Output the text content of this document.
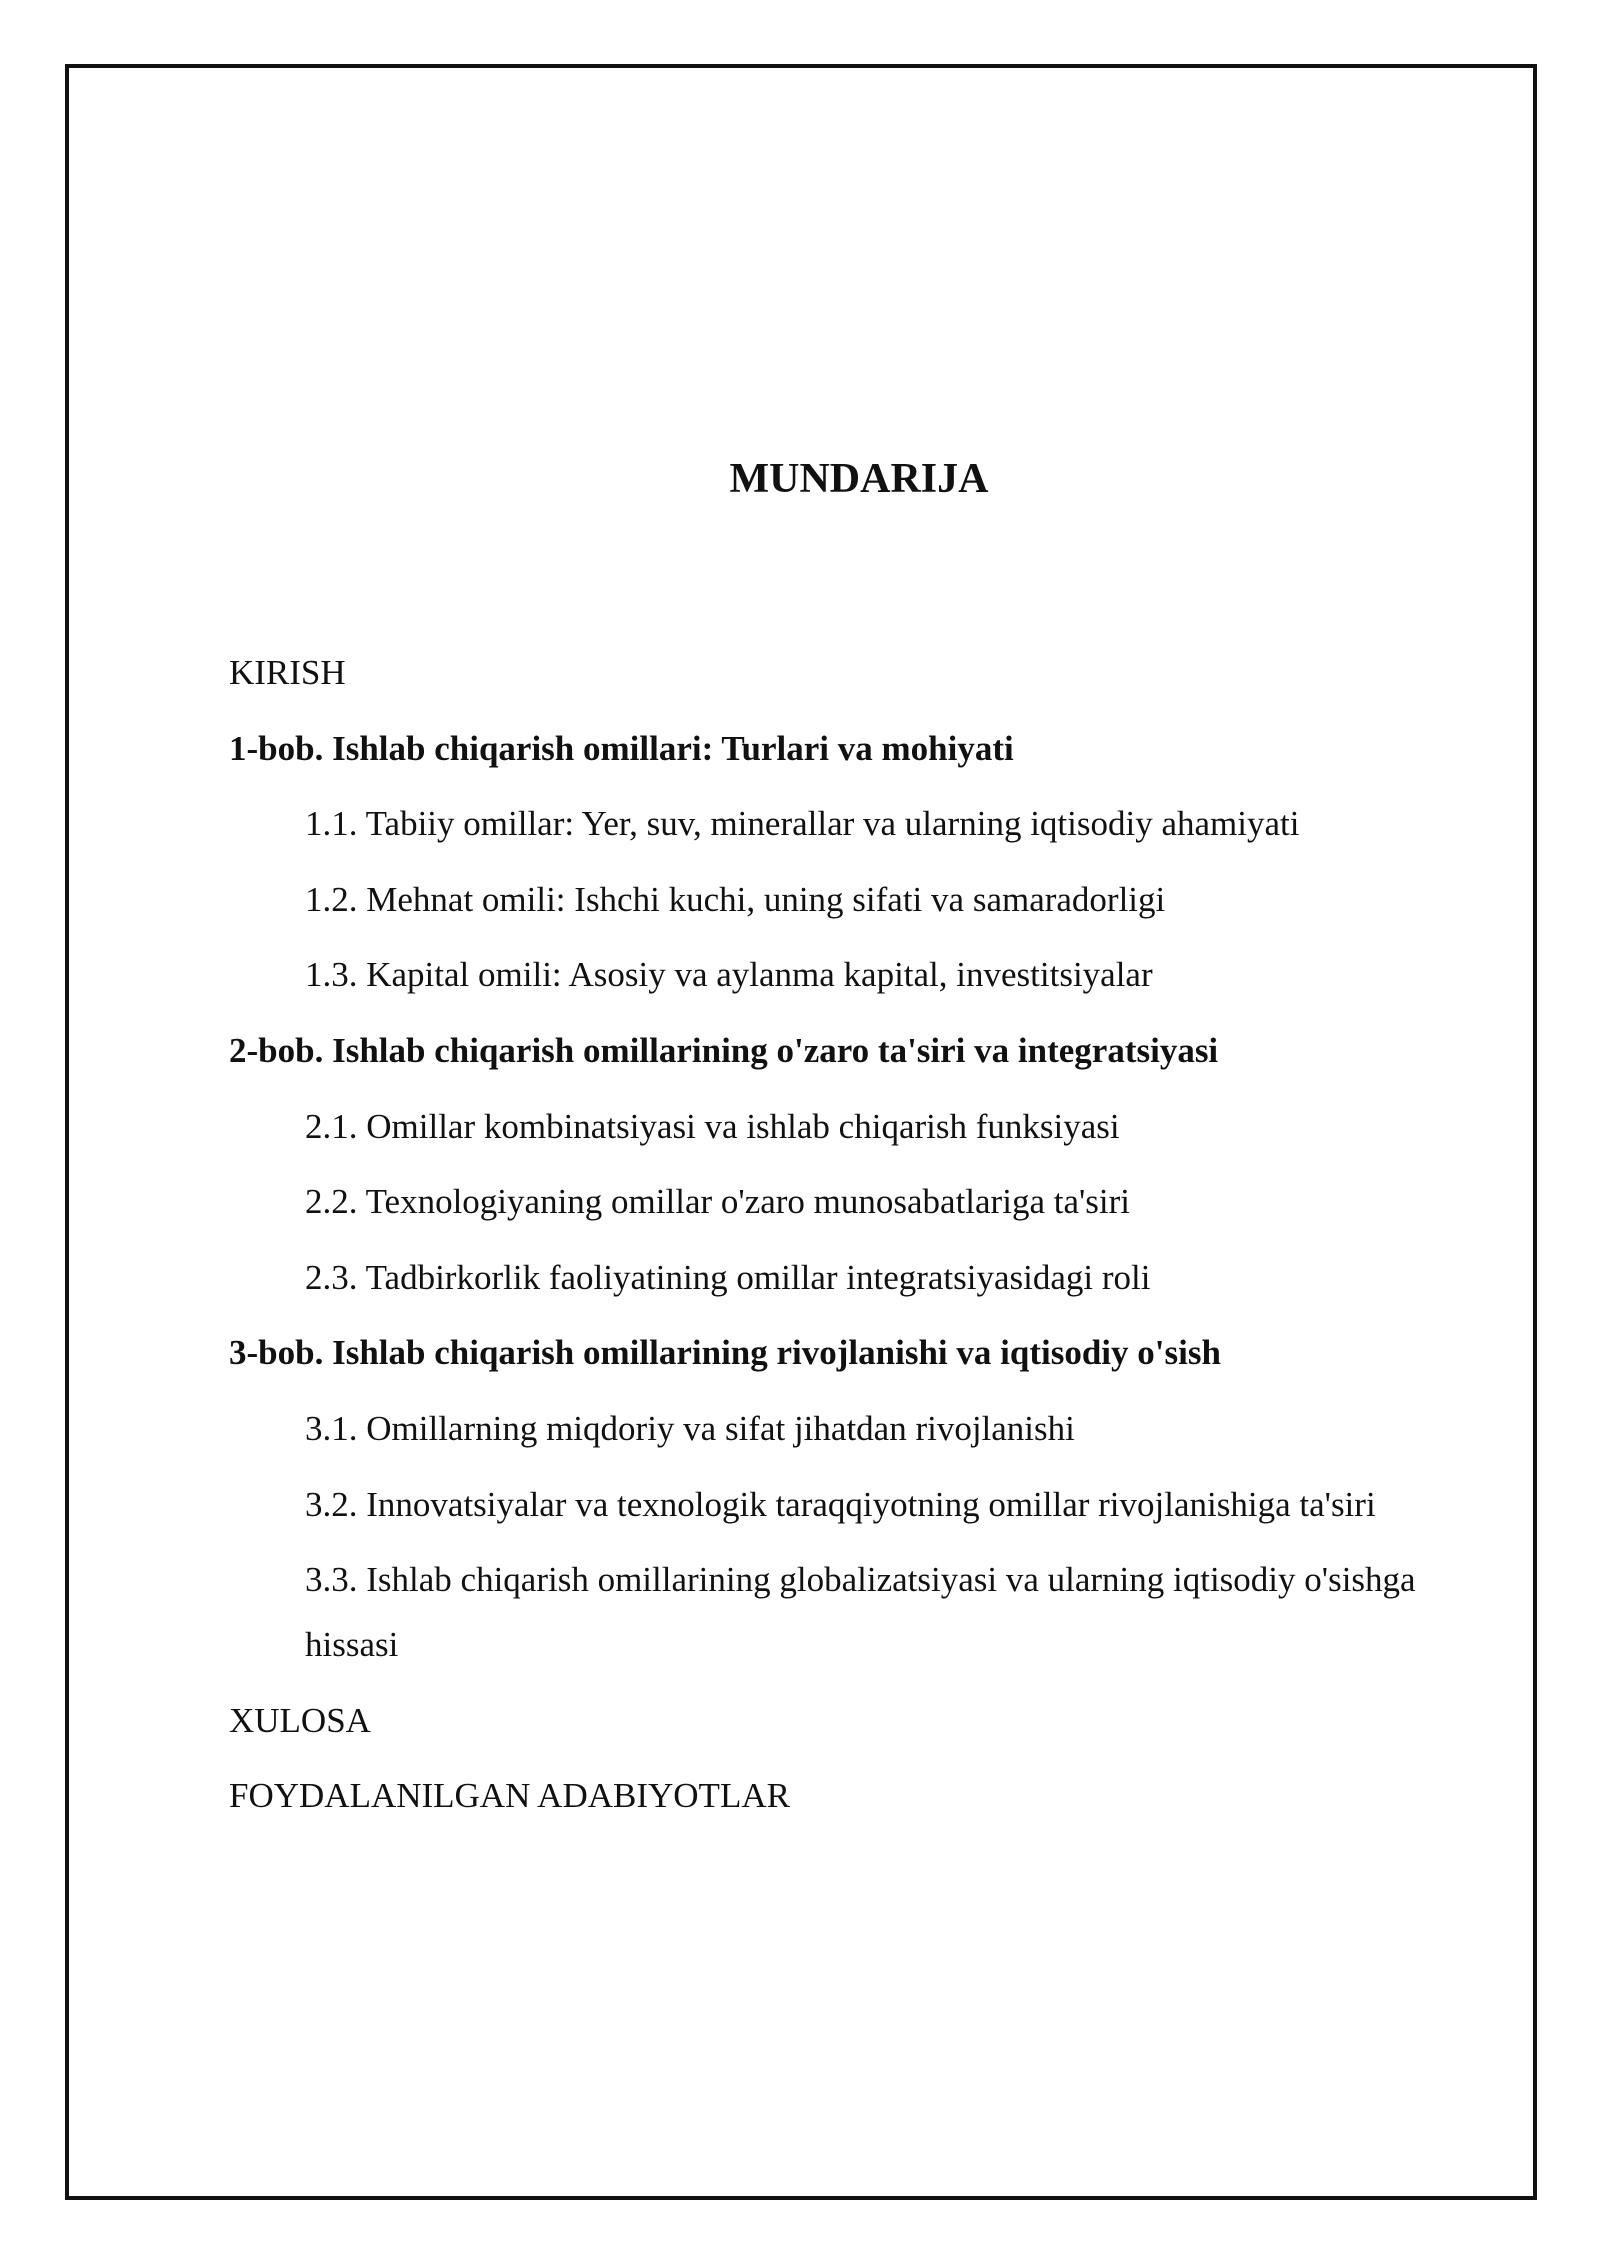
MUNDARIJA
KIRISH
1-bob. Ishlab chiqarish omillari: Turlari va mohiyati
1.1. Tabiiy omillar: Yer, suv, minerallar va ularning iqtisodiy ahamiyati
1.2. Mehnat omili: Ishchi kuchi, uning sifati va samaradorligi
1.3. Kapital omili: Asosiy va aylanma kapital, investitsiyalar
2-bob. Ishlab chiqarish omillarining o'zaro ta'siri va integratsiyasi
2.1. Omillar kombinatsiyasi va ishlab chiqarish funksiyasi
2.2. Texnologiyaning omillar o'zaro munosabatlariga ta'siri
2.3. Tadbirkorlik faoliyatining omillar integratsiyasidagi roli
3-bob. Ishlab chiqarish omillarining rivojlanishi va iqtisodiy o'sish
3.1. Omillarning miqdoriy va sifat jihatdan rivojlanishi
3.2. Innovatsiyalar va texnologik taraqqiyotning omillar rivojlanishiga ta'siri
3.3. Ishlab chiqarish omillarining globalizatsiyasi va ularning iqtisodiy o'sishga hissasi
XULOSA
FOYDALANILGAN ADABIYOTLAR
